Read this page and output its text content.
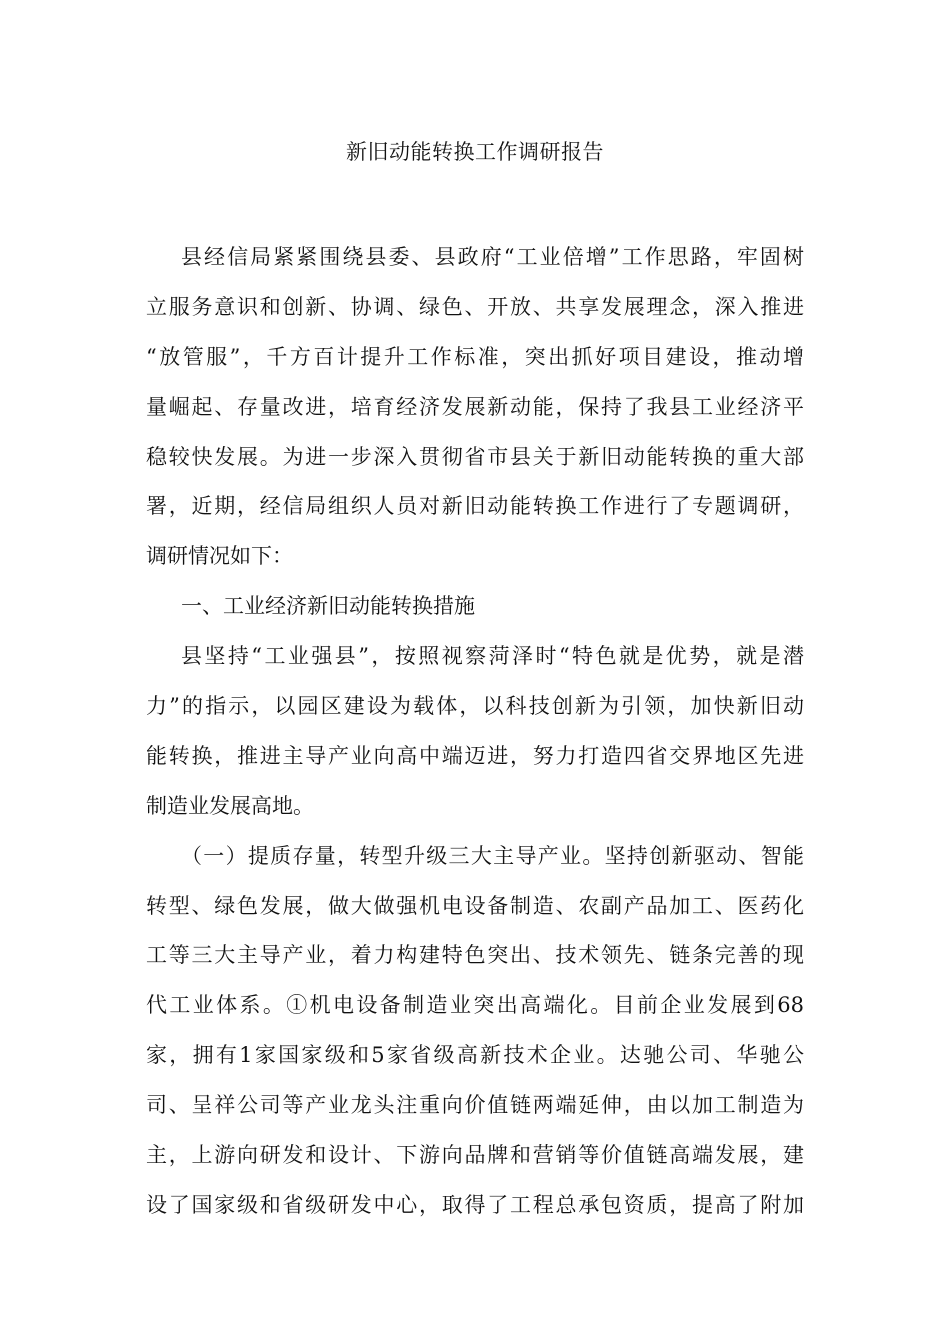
新旧动能转换工作调研报告
县经信局紧紧围绕县委、县政府“工业倍增”工作思路，牢固树
立服务意识和创新、协调、绿色、开放、共享发展理念，深入推进
“放管服”，千方百计提升工作标准，突出抓好项目建设，推动增
量崛起、存量改进，培育经济发展新动能，保持了我县工业经济平
稳较快发展。为进一步深入贯彻省市县关于新旧动能转换的重大部
署，近期，经信局组织人员对新旧动能转换工作进行了专题调研，
调研情况如下：
一、工业经济新旧动能转换措施
县坚持“工业强县”，按照视察菏泽时“特色就是优势，就是潜
力”的指示，以园区建设为载体，以科技创新为引领，加快新旧动
能转换，推进主导产业向高中端迈进，努力打造四省交界地区先进
制造业发展高地。
（一）提质存量，转型升级三大主导产业。坚持创新驱动、智能
转型、绿色发展，做大做强机电设备制造、农副产品加工、医药化
工等三大主导产业，着力构建特色突出、技术领先、链条完善的现
代工业体系。①机电设备制造业突出高端化。目前企业发展到68
家，拥有1家国家级和5家省级高新技术企业。达驰公司、华驰公
司、呈祥公司等产业龙头注重向价值链两端延伸，由以加工制造为
主，上游向研发和设计、下游向品牌和营销等价值链高端发展，建
设了国家级和省级研发中心，取得了工程总承包资质，提高了附加
